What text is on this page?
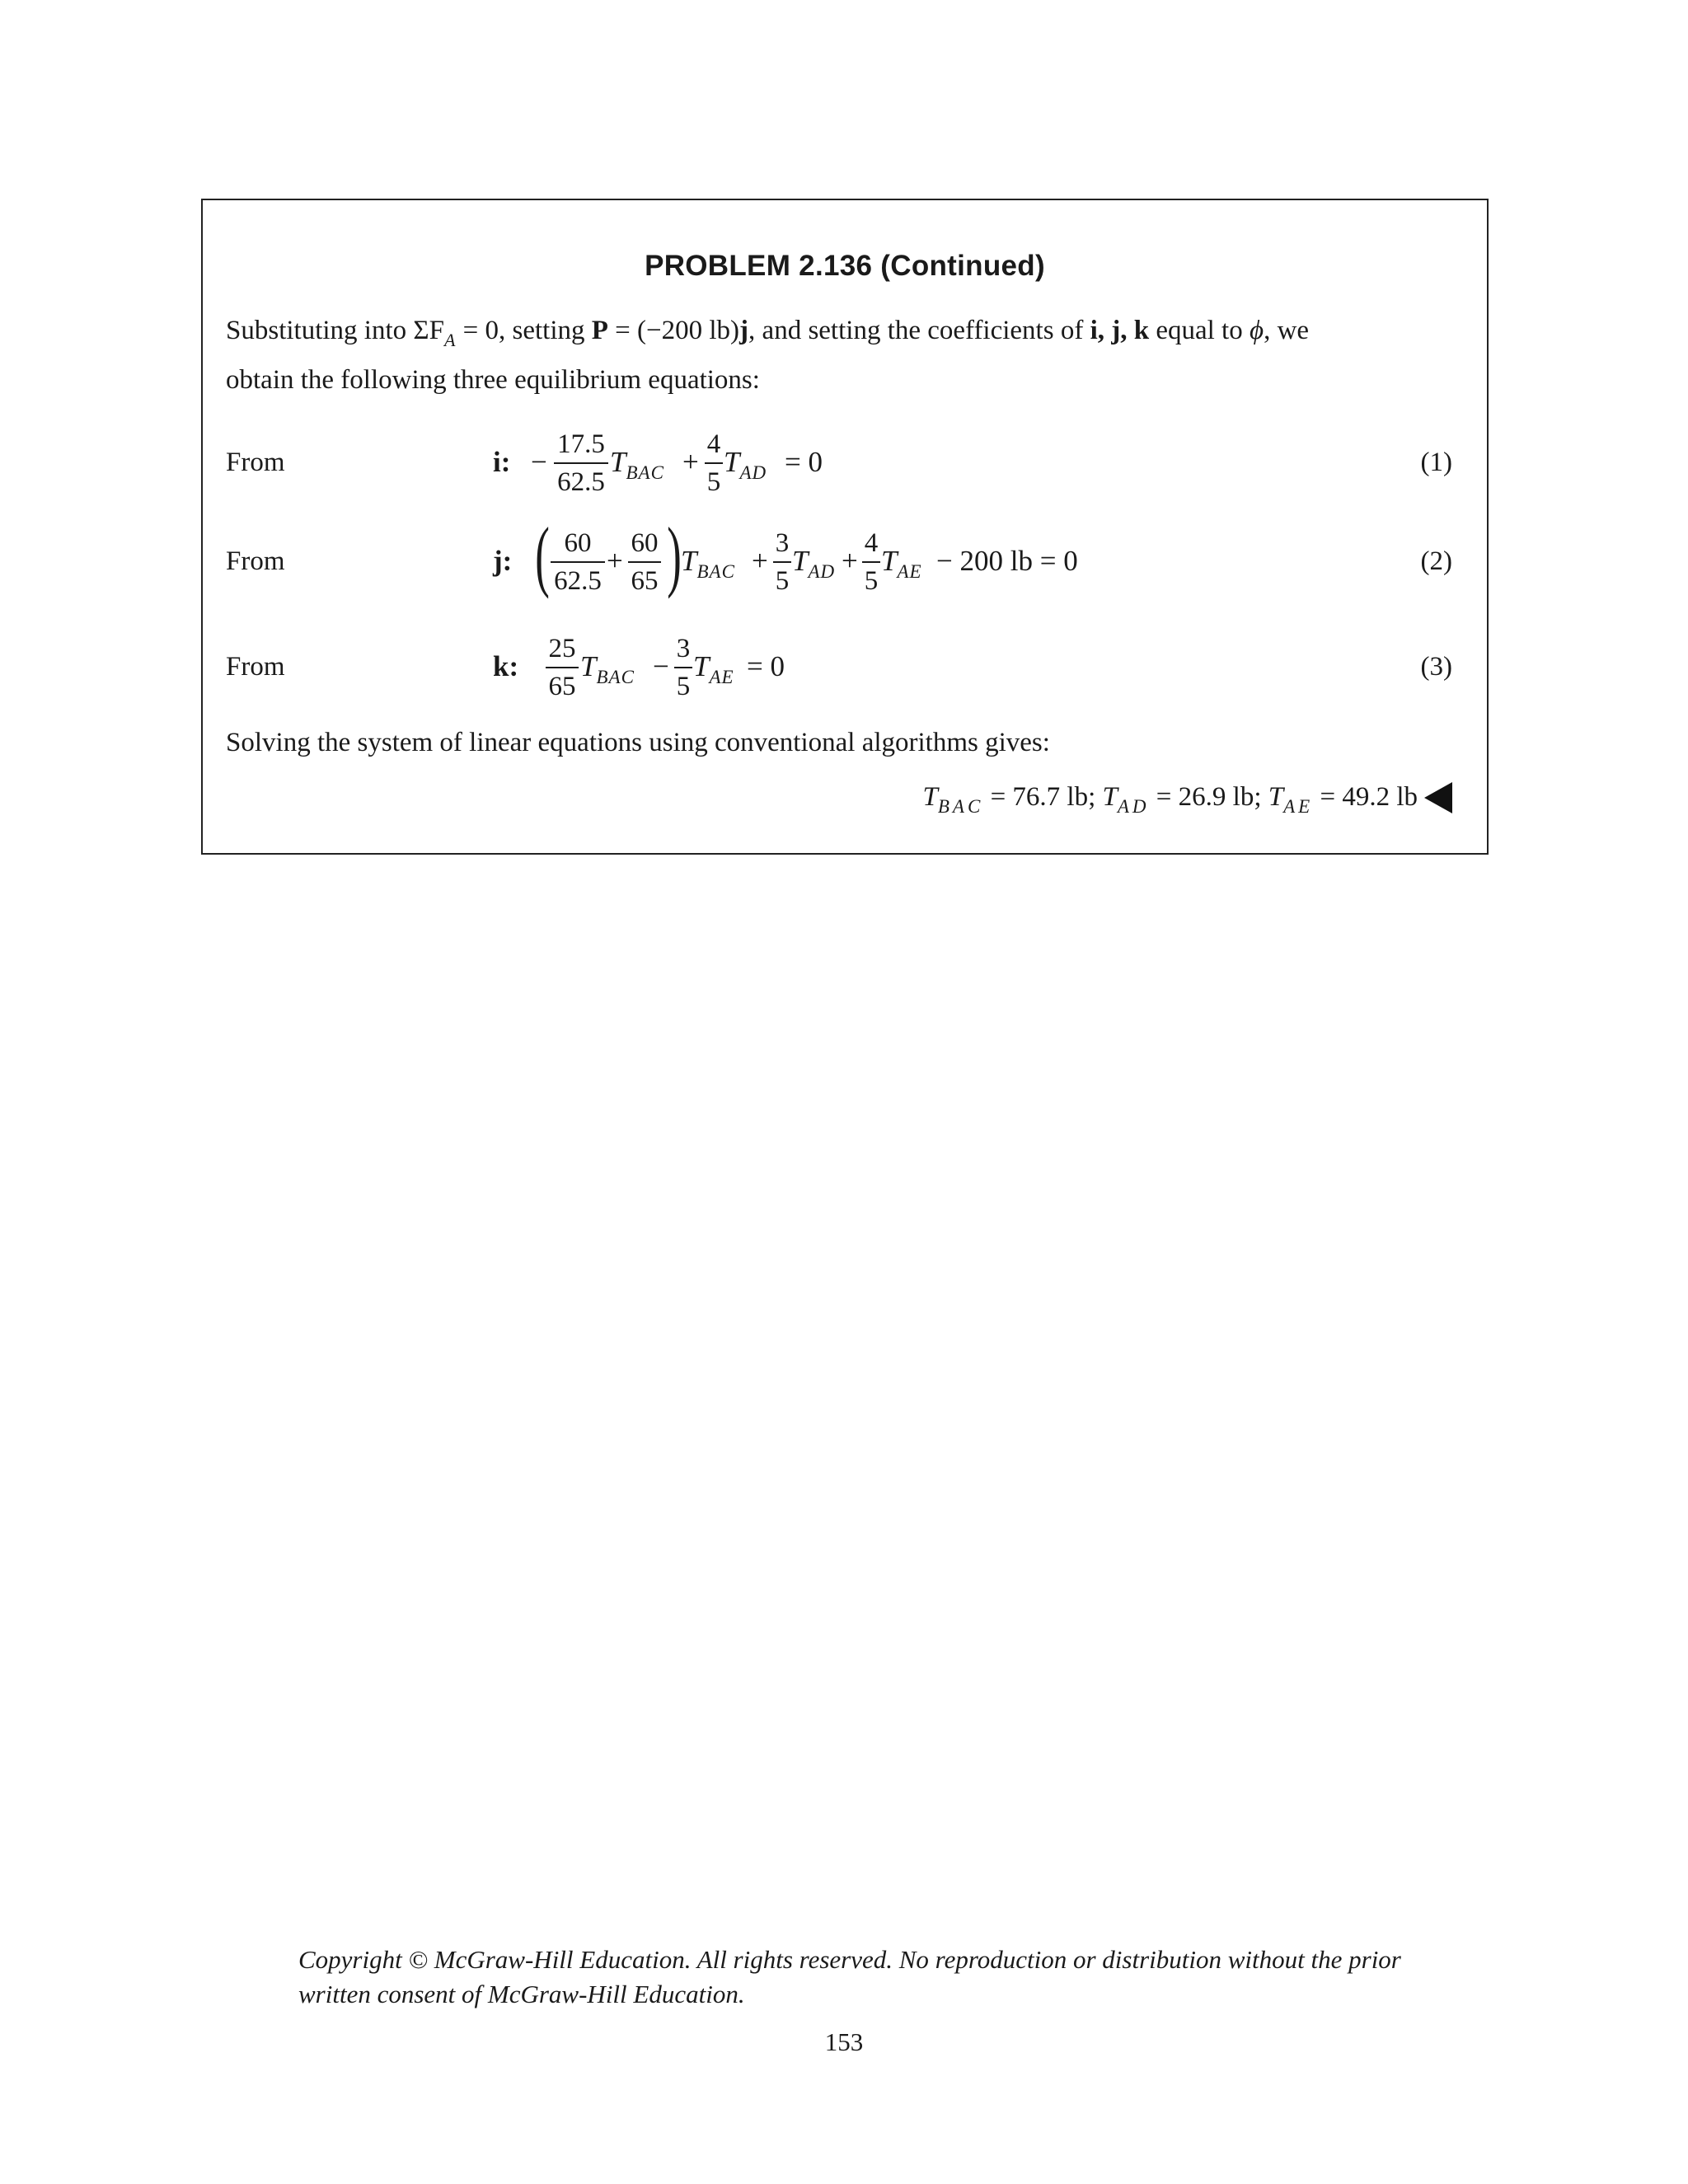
PROBLEM 2.136 (Continued)
Substituting into $\Sigma F_A = 0$, setting P = (−200 lb)j, and setting the coefficients of i, j, k equal to ϕ, we
obtain the following three equilibrium equations:
From	i: − $\frac{17.5}{62.5} T_{BAC} + \frac{4}{5} T_{AD} = 0$	(1)
From	j: ( $\frac{60}{62.5} + \frac{60}{65}$ ) $T_{BAC} + \frac{3}{5} T_{AD} + \frac{4}{5} T_{AE} - 200$ lb = 0	(2)
From	k: $\frac{25}{65} T_{BAC} - \frac{3}{5} T_{AE} = 0$	(3)
Solving the system of linear equations using conventional algorithms gives:
$T_{BAC} = 76.7$ lb; $T_{AD} = 26.9$ lb; $T_{AE} = 49.2$ lb
Copyright © McGraw-Hill Education. All rights reserved. No reproduction or distribution without the prior written consent of McGraw-Hill Education.
153
